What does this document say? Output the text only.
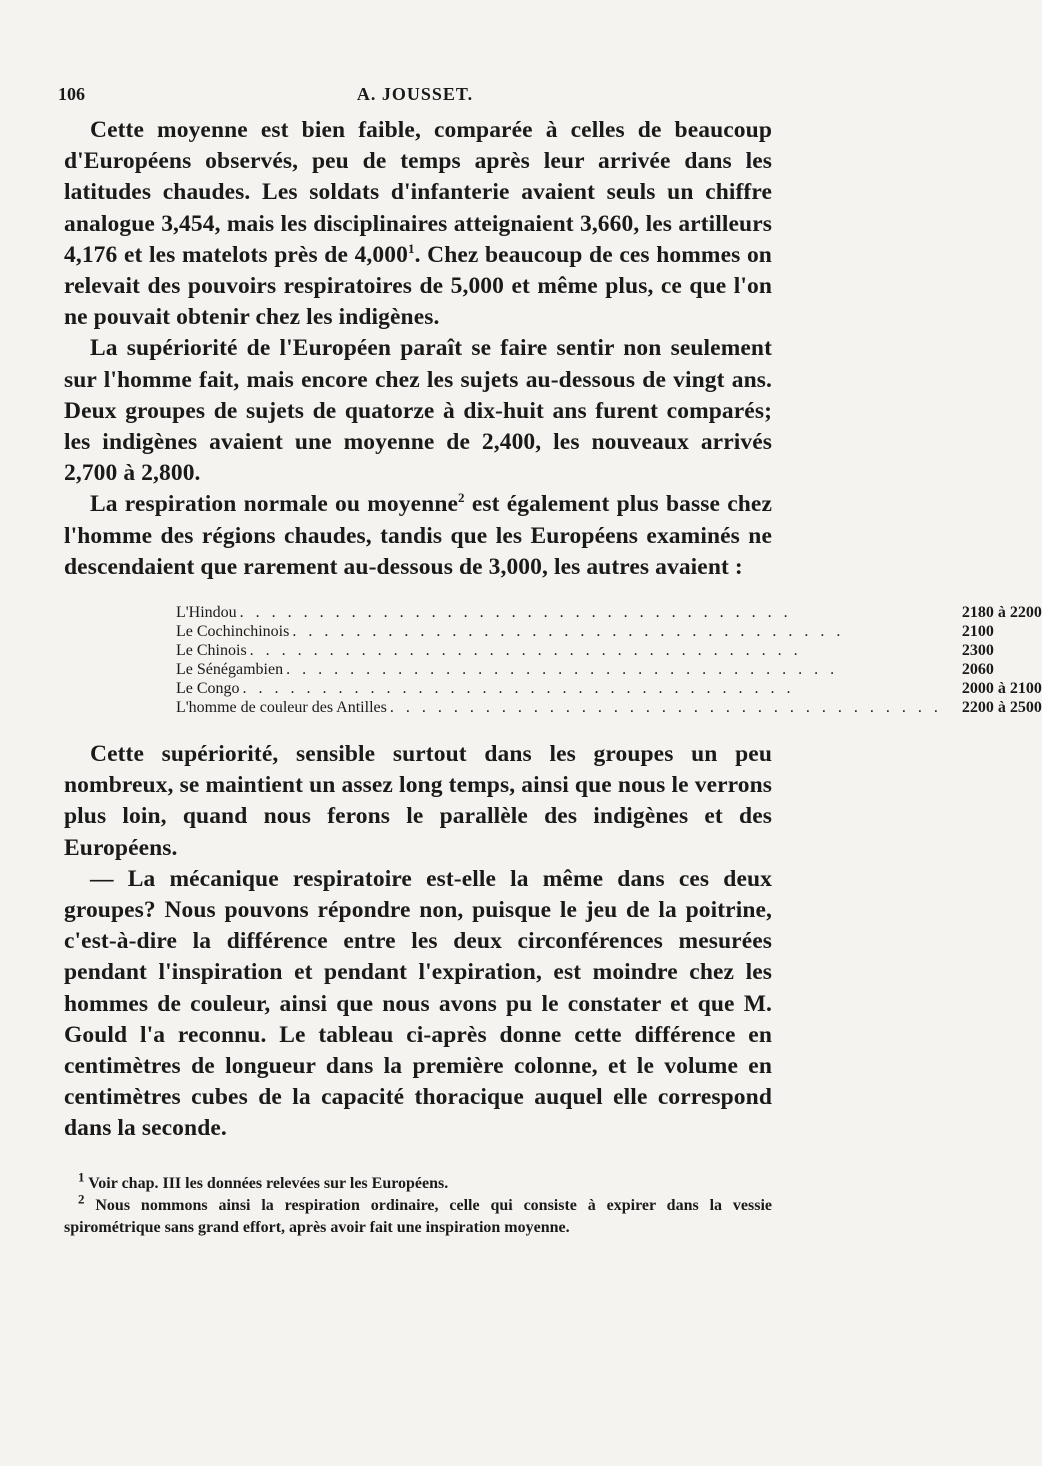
106	A. JOUSSET.

Cette moyenne est bien faible, comparée à celles de beaucoup d'Européens observés, peu de temps après leur arrivée dans les latitudes chaudes. Les soldats d'infanterie avaient seuls un chiffre analogue 3,454, mais les disciplinaires atteignaient 3,660, les artilleurs 4,176 et les matelots près de 4,000$^1$. Chez beaucoup de ces hommes on relevait des pouvoirs respiratoires de 5,000 et même plus, ce que l'on ne pouvait obtenir chez les indigènes.

La supériorité de l'Européen paraît se faire sentir non seulement sur l'homme fait, mais encore chez les sujets au-dessous de vingt ans. Deux groupes de sujets de quatorze à dix-huit ans furent comparés; les indigènes avaient une moyenne de 2,400, les nouveaux arrivés 2,700 à 2,800.

La respiration normale ou moyenne$^2$ est également plus basse chez l'homme des régions chaudes, tandis que les Européens examinés ne descendaient que rarement au-dessous de 3,000, les autres avaient :

L'Hindou . . . . . . . . . . . . . . . . . . . . . . . . . . . . . . . . . . .	2180 à 2200
Le Cochinchinois . . . . . . . . . . . . . . . . . . . . . . . . . . . . . . . . . . .	2100
Le Chinois . . . . . . . . . . . . . . . . . . . . . . . . . . . . . . . . . . .	2300
Le Sénégambien . . . . . . . . . . . . . . . . . . . . . . . . . . . . . . . . . . .	2060
Le Congo . . . . . . . . . . . . . . . . . . . . . . . . . . . . . . . . . . .	2000 à 2100
L'homme de couleur des Antilles . . . . . . . . . . . . . . . . . . . . . . . . . . . . . . . . . . .	2200 à 2500

Cette supériorité, sensible surtout dans les groupes un peu nombreux, se maintient un assez long temps, ainsi que nous le verrons plus loin, quand nous ferons le parallèle des indigènes et des Européens.

— La mécanique respiratoire est-elle la même dans ces deux groupes? Nous pouvons répondre non, puisque le jeu de la poitrine, c'est-à-dire la différence entre les deux circonférences mesurées pendant l'inspiration et pendant l'expiration, est moindre chez les hommes de couleur, ainsi que nous avons pu le constater et que M. Gould l'a reconnu. Le tableau ci-après donne cette différence en centimètres de longueur dans la première colonne, et le volume en centimètres cubes de la capacité thoracique auquel elle correspond dans la seconde.

$^1$ Voir chap. III les données relevées sur les Européens.

$^2$ Nous nommons ainsi la respiration ordinaire, celle qui consiste à expirer dans la vessie spirométrique sans grand effort, après avoir fait une inspiration moyenne.
